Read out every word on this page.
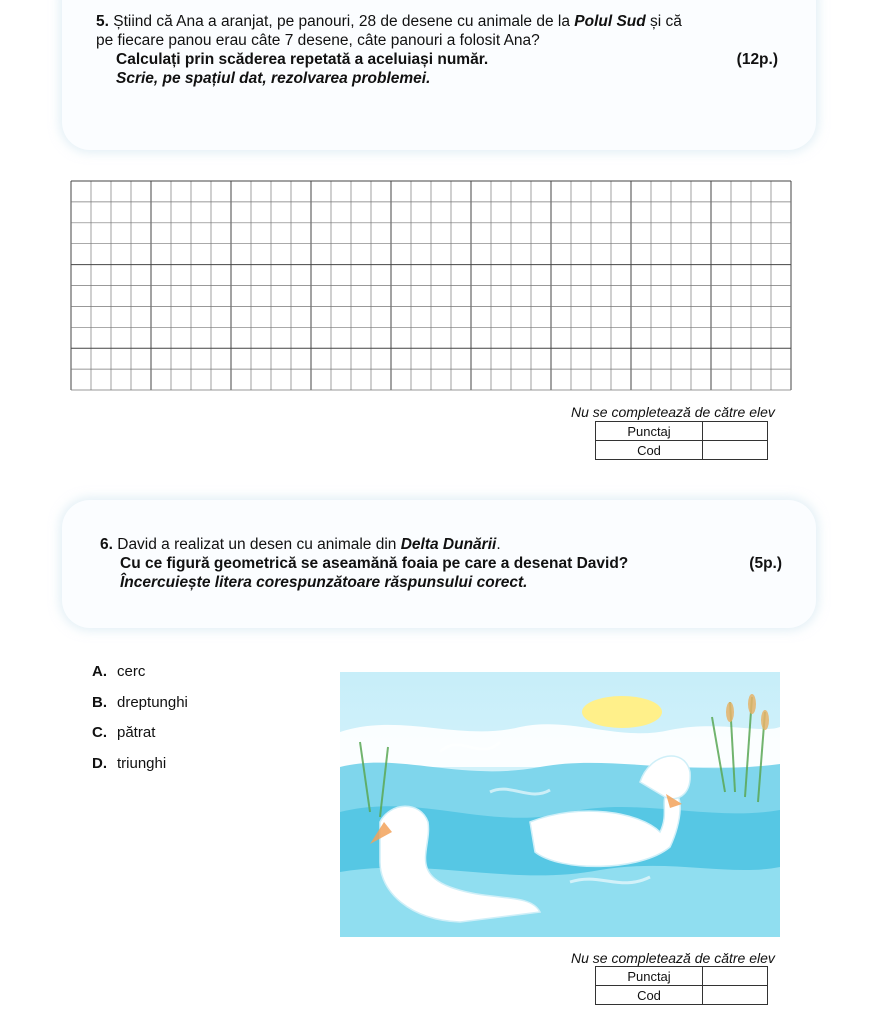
5. Știind că Ana a aranjat, pe panouri, 28 de desene cu animale de la Polul Sud și că
pe fiecare panou erau câte 7 desene, câte panouri a folosit Ana?
Calculați prin scăderea repetată a aceluiași număr.	(12p.)
Scrie, pe spațiul dat, rezolvarea problemei.
Nu se completează de către elev
Punctaj	
Cod	
6. David a realizat un desen cu animale din Delta Dunării.
Cu ce figură geometrică se aseamănă foaia pe care a desenat David?	(5p.)
Încercuiește litera corespunzătoare răspunsului corect.
A. cerc
B. dreptunghi
C. pătrat
D. triunghi
Nu se completează de către elev
Punctaj	
Cod	
